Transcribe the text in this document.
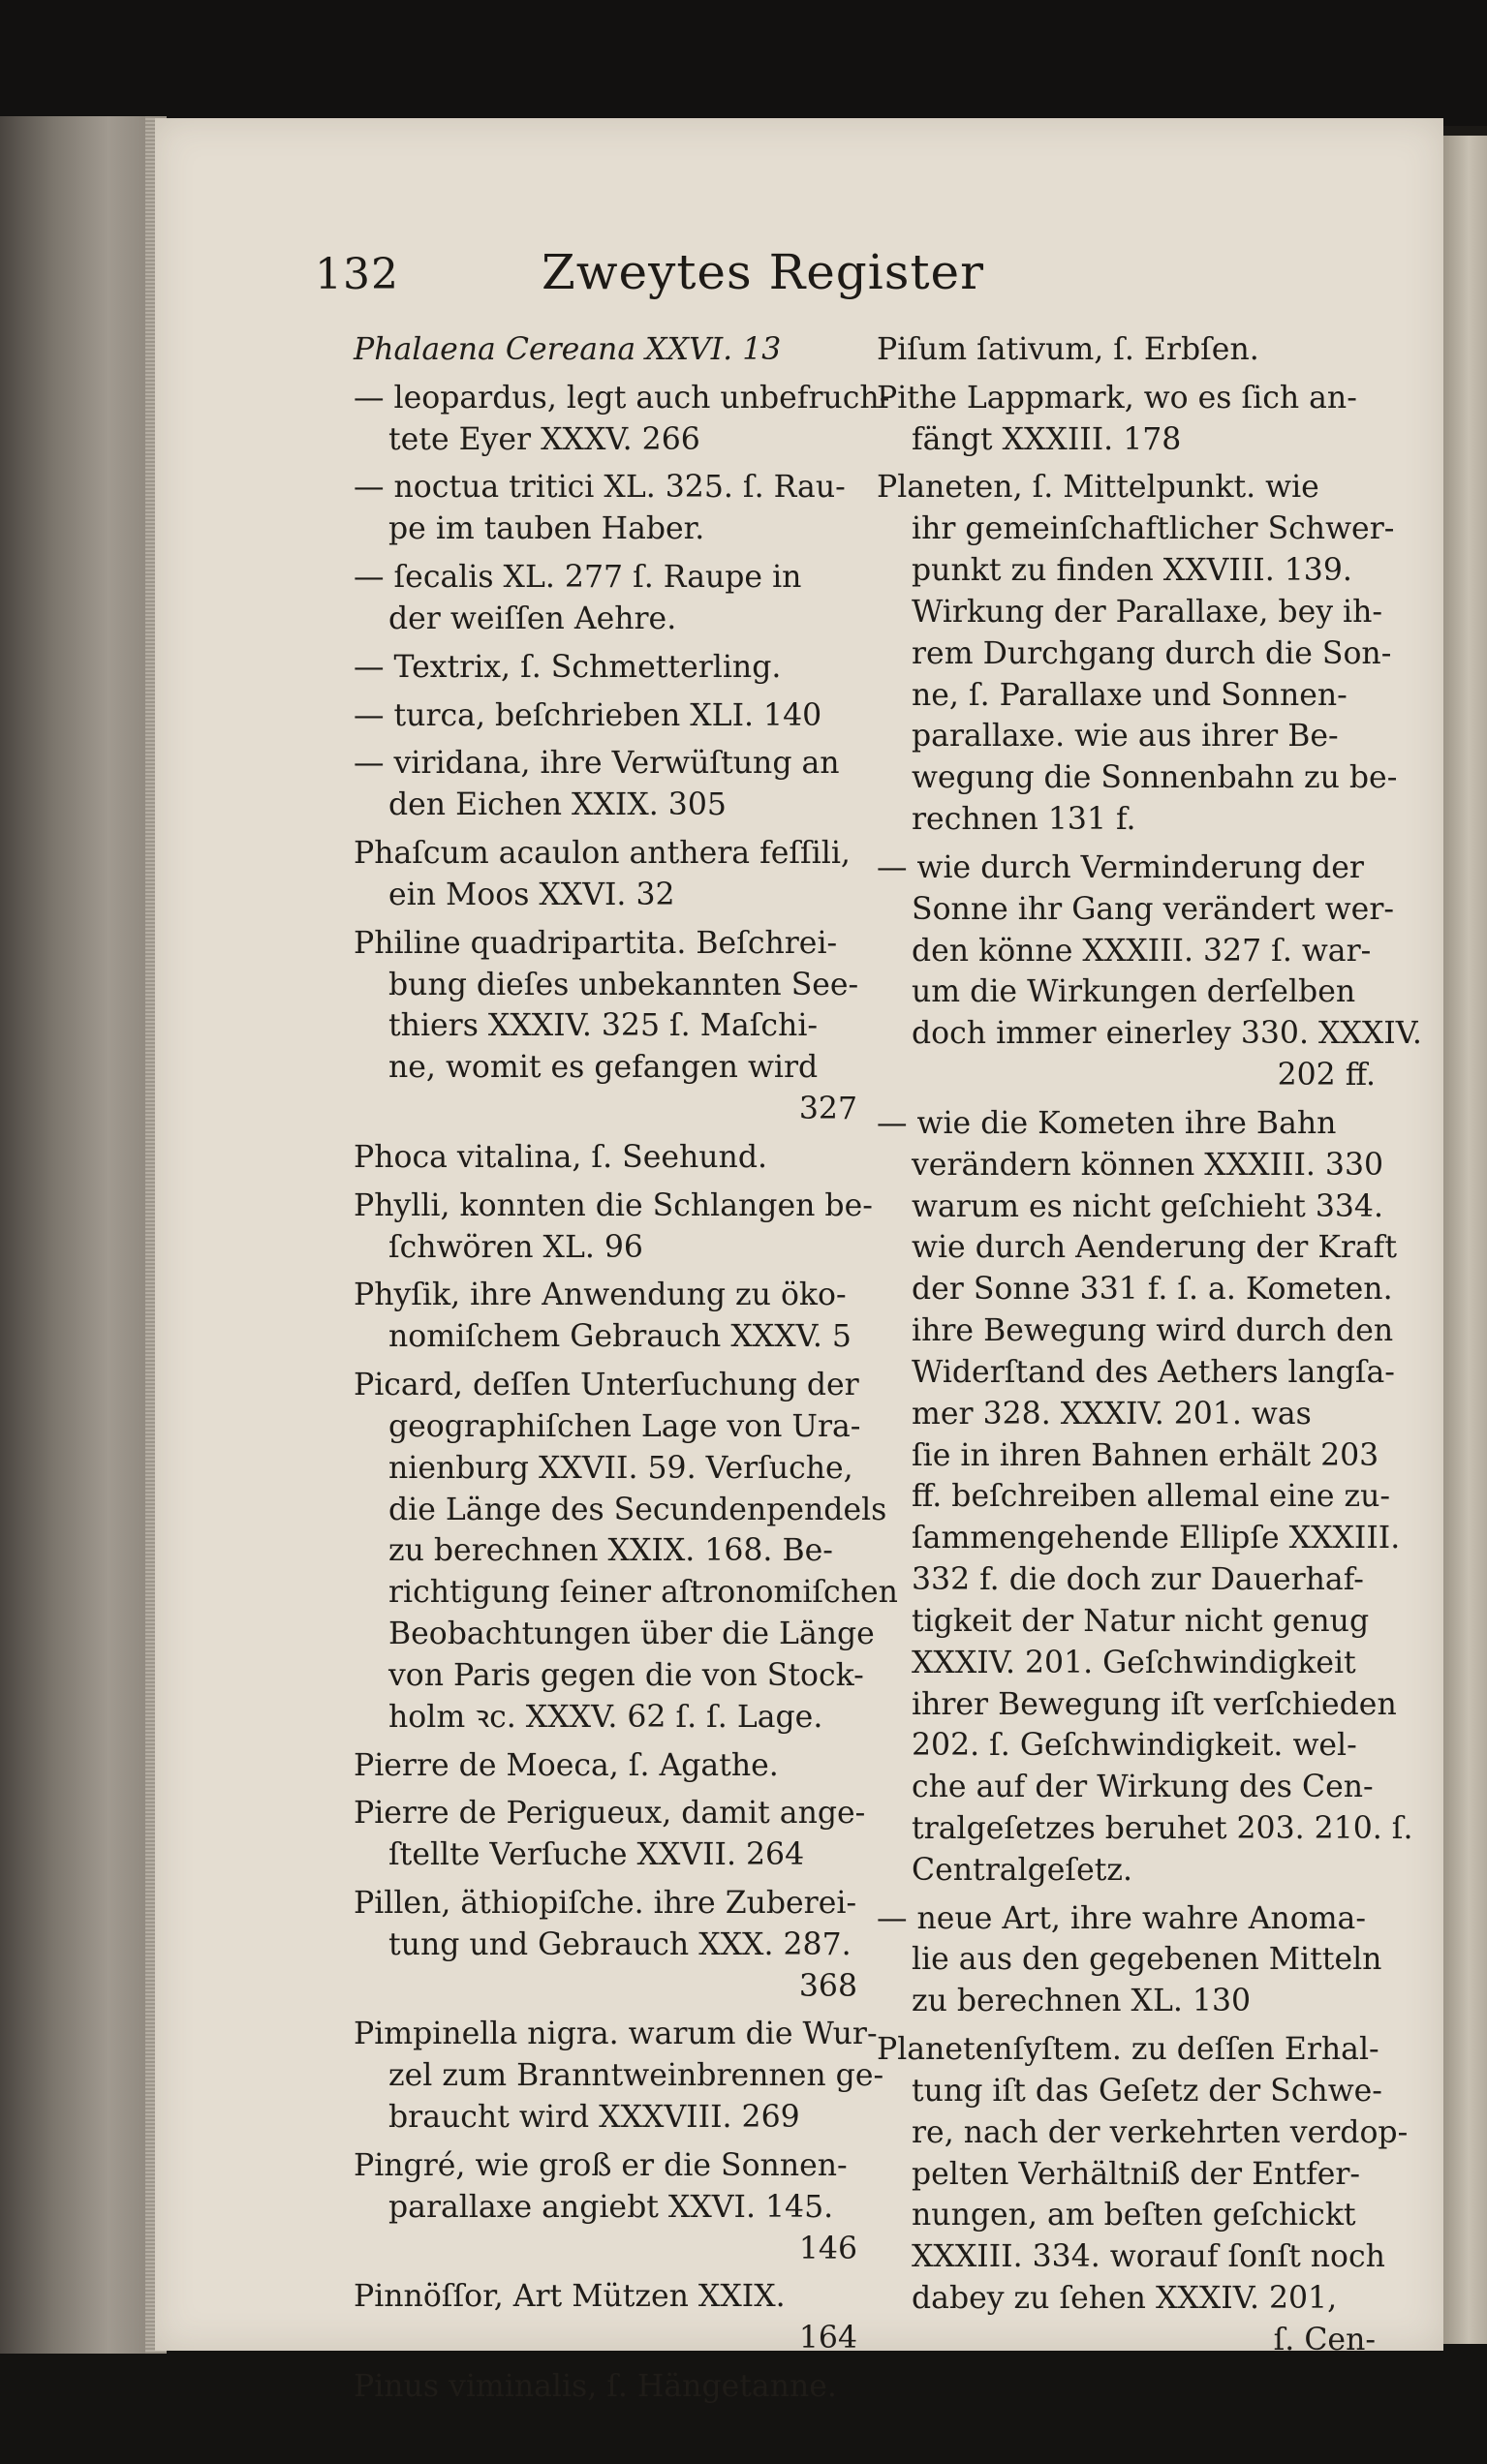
132	Zweytes Register
Phalaena Cereana XXVI. 13
— leopardus, legt auch unbefruch-
tete Eyer XXXV. 266
— noctua tritici XL. 325. ſ. Rau-
pe im tauben Haber.
— ſecalis XL. 277 ſ. Raupe in
der weiſſen Aehre.
— Textrix, ſ. Schmetterling.
— turca, beſchrieben XLI. 140
— viridana, ihre Verwüſtung an
den Eichen XXIX. 305
Phaſcum acaulon anthera feſſili,
ein Moos XXVI. 32
Philine quadripartita. Beſchrei-
bung dieſes unbekannten See-
thiers XXXIV. 325 ſ. Maſchi-
ne, womit es gefangen wird
327
Phoca vitalina, ſ. Seehund.
Phylli, konnten die Schlangen be-
ſchwören XL. 96
Phyſik, ihre Anwendung zu öko-
nomiſchem Gebrauch XXXV. 5
Picard, deſſen Unterſuchung der
geographiſchen Lage von Ura-
nienburg XXVII. 59. Verſuche,
die Länge des Secundenpendels
zu berechnen XXIX. 168. Be-
richtigung ſeiner aſtronomiſchen
Beobachtungen über die Länge
von Paris gegen die von Stock-
holm ꝛc. XXXV. 62 ſ. ſ. Lage.
Pierre de Moeca, ſ. Agathe.
Pierre de Perigueux, damit ange-
ſtellte Verſuche XXVII. 264
Pillen, äthiopiſche. ihre Zuberei-
tung und Gebrauch XXX. 287.
368
Pimpinella nigra. warum die Wur-
zel zum Branntweinbrennen ge-
braucht wird XXXVIII. 269
Pingré, wie groß er die Sonnen-
parallaxe angiebt XXVI. 145.
146
Pinnöſſor, Art Mützen XXIX.
164
Pinus viminalis, ſ. Hängetanne.
Piſum ſativum, ſ. Erbſen.
Pithe Lappmark, wo es ſich an-
fängt XXXIII. 178
Planeten, ſ. Mittelpunkt. wie
ihr gemeinſchaftlicher Schwer-
punkt zu finden XXVIII. 139.
Wirkung der Parallaxe, bey ih-
rem Durchgang durch die Son-
ne, ſ. Parallaxe und Sonnen-
parallaxe. wie aus ihrer Be-
wegung die Sonnenbahn zu be-
rechnen 131 f.
— wie durch Verminderung der
Sonne ihr Gang verändert wer-
den könne XXXIII. 327 ſ. war-
um die Wirkungen derſelben
doch immer einerley 330. XXXIV.
202 ff.
— wie die Kometen ihre Bahn
verändern können XXXIII. 330
warum es nicht geſchieht 334.
wie durch Aenderung der Kraft
der Sonne 331 f. ſ. a. Kometen.
ihre Bewegung wird durch den
Widerſtand des Aethers langſa-
mer 328. XXXIV. 201. was
ſie in ihren Bahnen erhält 203
ff. beſchreiben allemal eine zu-
ſammengehende Ellipſe XXXIII.
332 f. die doch zur Dauerhaf-
tigkeit der Natur nicht genug
XXXIV. 201. Geſchwindigkeit
ihrer Bewegung iſt verſchieden
202. ſ. Geſchwindigkeit. wel-
che auf der Wirkung des Cen-
tralgeſetzes beruhet 203. 210. ſ.
Centralgeſetz.
— neue Art, ihre wahre Anoma-
lie aus den gegebenen Mitteln
zu berechnen XL. 130
Planetenſyſtem. zu deſſen Erhal-
tung iſt das Geſetz der Schwe-
re, nach der verkehrten verdop-
pelten Verhältniß der Entfer-
nungen, am beſten geſchickt
XXXIII. 334. worauf ſonſt noch
dabey zu ſehen XXXIV. 201,
ſ. Cen-
